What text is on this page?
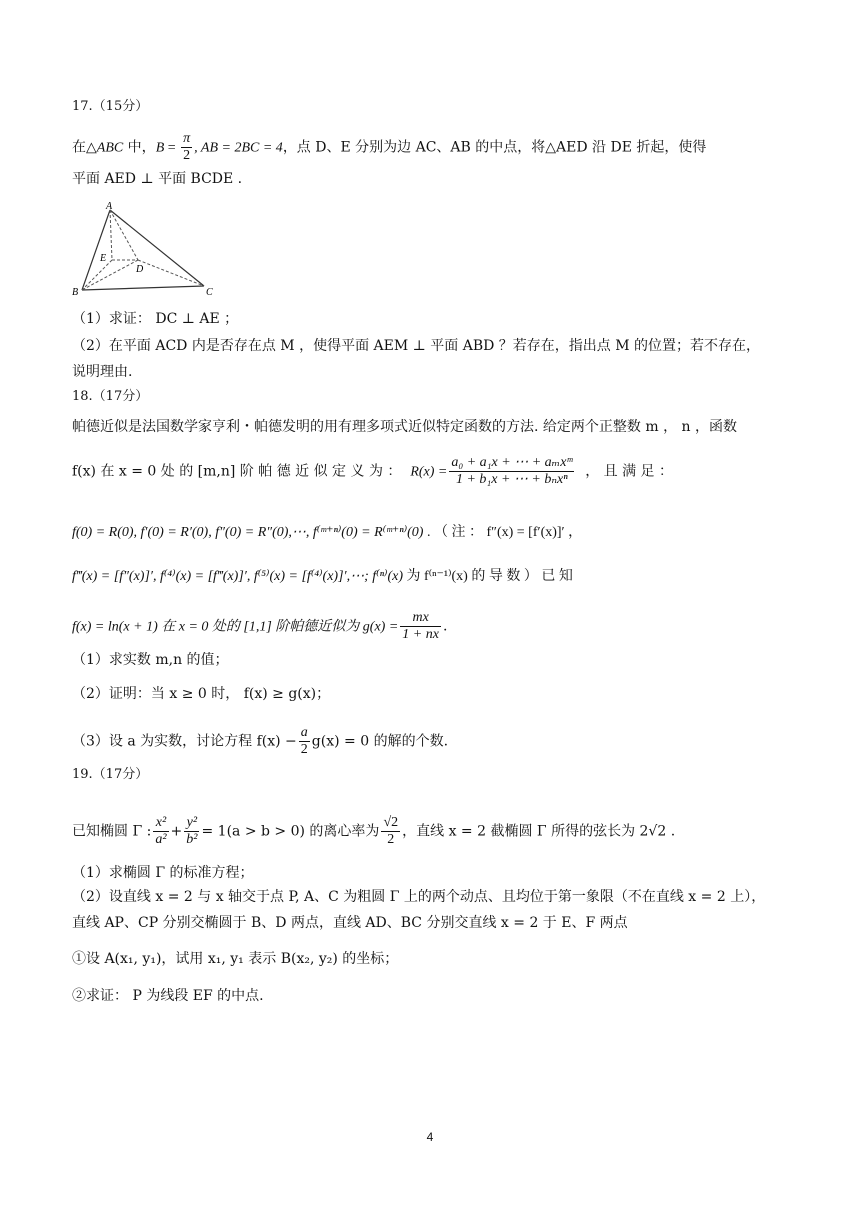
17.（15分）
在△ABC 中，$B = \frac{\pi}{2}$ , AB = 2BC = 4，点 D、E 分别为边 AC、AB 的中点，将△AED 沿 DE 折起，使得
平面 AED ⊥ 平面 BCDE .
A
B	C
D
E
（1）求证： DC ⊥ AE ；
（2）在平面 ACD 内是否存在点 M ，使得平面 AEM ⊥ 平面 ABD ？若存在，指出点 M 的位置；若不存在，
说明理由.
18.（17分）
帕德近似是法国数学家亨利・帕德发明的用有理多项式近似特定函数的方法. 给定两个正整数 m ， n ，函数
f(x) 在 x = 0 处 的 [m,n] 阶 帕 德 近 似 定 义 为 ： $R(x) = \frac{\text{a₀ + a₁x + ⋯ + aₘxᵐ}}{\text{1 + b₁x + ⋯ + bₙxⁿ}}$ ， 且 满 足 ：
f(0) = R(0), f′(0) = R′(0), f″(0) = R″(0),⋯, f⁽ᵐ⁺ⁿ⁾(0) = R⁽ᵐ⁺ⁿ⁾(0) . （ 注 ： f″(x) = [f′(x)]′ ，
f‴(x) = [f″(x)]′, f⁽⁴⁾(x) = [f‴(x)]′, f⁽⁵⁾(x) = [f⁽⁴⁾(x)]′,⋯; f⁽ⁿ⁾(x) 为 f⁽ⁿ⁻¹⁾(x) 的 导 数 ） 已 知
f(x) = ln(x + 1) 在 x = 0 处的 [1,1] 阶帕德近似为 $g(x) = \frac{mx}{1 + nx}$ .
（1）求实数 m,n 的值；
（2）证明：当 x ≥ 0 时， f(x) ≥ g(x)；
（3）设 a 为实数，讨论方程 $f(x) - \frac{a}{2} g(x) = 0$ 的解的个数.
19.（17分）
已知椭圆 Γ : $\frac{\text{x²}}{\text{a²}} + \frac{\text{y²}}{\text{b²}} = 1(a > b > 0)$ 的离心率为 $\frac{√2}{2}$ ，直线 x = 2 截椭圆 Γ 所得的弦长为 2√2 .
（1）求椭圆 Γ 的标准方程；
（2）设直线 x = 2 与 x 轴交于点 P, A、C 为粗圆 Γ 上的两个动点、且均位于第一象限（不在直线 x = 2 上），
直线 AP、CP 分别交椭圆于 B、D 两点，直线 AD、BC 分别交直线 x = 2 于 E、F 两点
①设 A(x₁, y₁)，试用 x₁, y₁ 表示 B(x₂, y₂) 的坐标；
②求证： P 为线段 EF 的中点.
4
